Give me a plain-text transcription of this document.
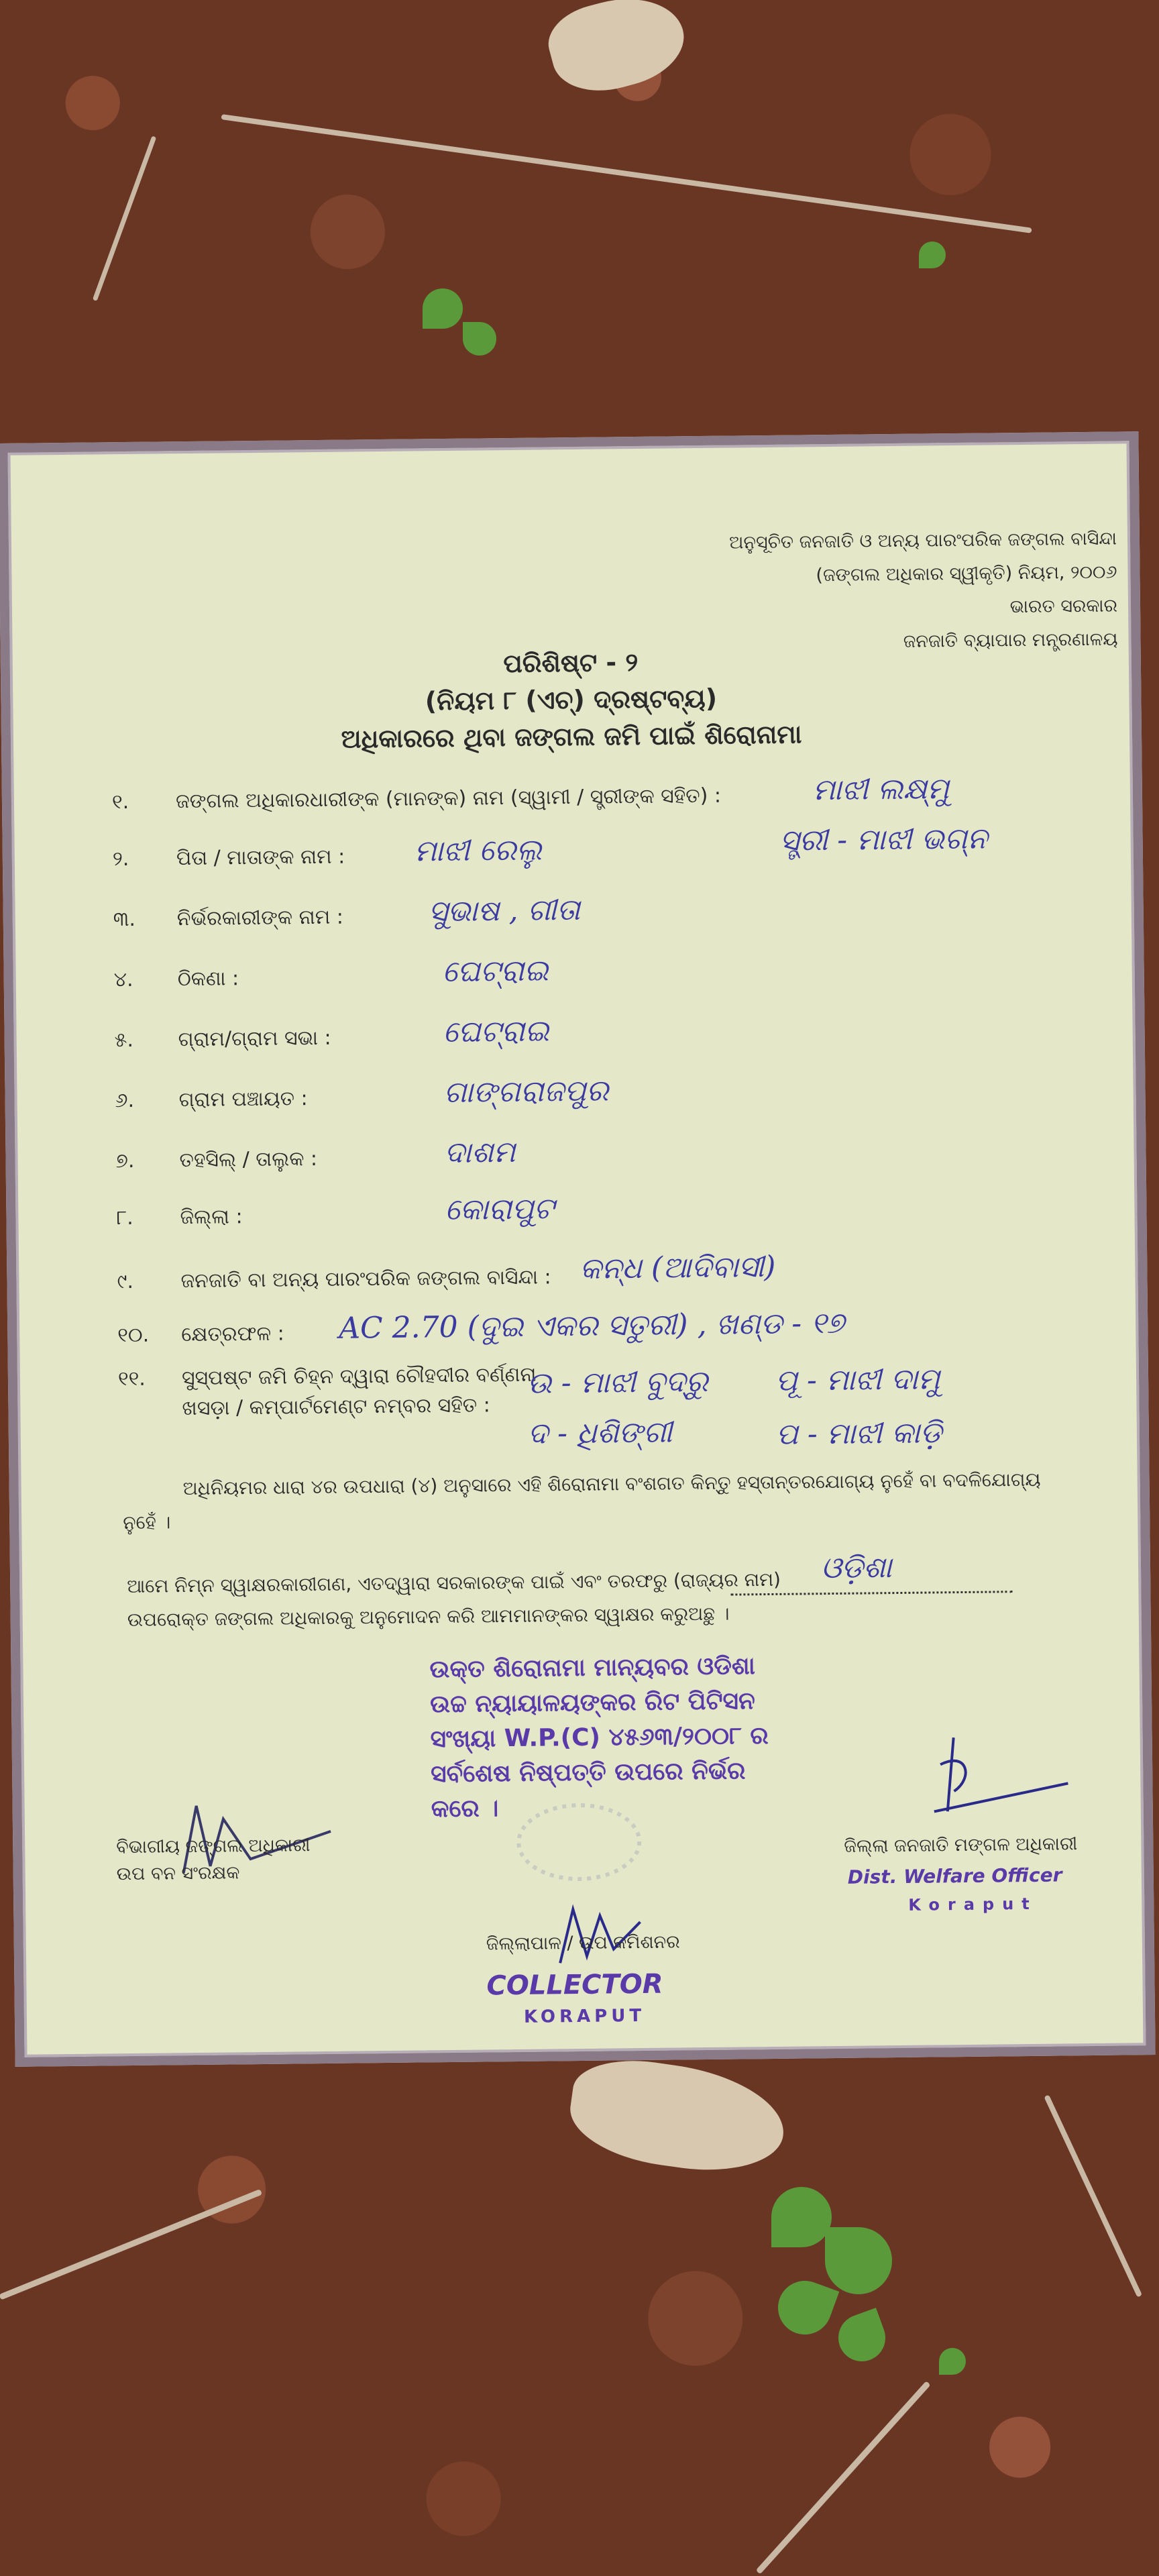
ଅନୁସୂଚିତ ଜନଜାତି ଓ ଅନ୍ୟ ପାରଂପରିକ ଜଙ୍ଗଲ ବାସିନ୍ଦା
(ଜଙ୍ଗଲ ଅଧିକାର ସ୍ୱୀକୃତି) ନିୟମ, ୨୦୦୬
ଭାରତ ସରକାର
ଜନଜାତି ବ୍ୟାପାର ମନ୍ତ୍ରଣାଳୟ
ପରିଶିଷ୍ଟ - ୨
(ନିୟମ ୮ (ଏଚ୍) ଦ୍ରଷ୍ଟବ୍ୟ)
ଅଧିକାରରେ ଥିବା ଜଙ୍ଗଲ ଜମି ପାଇଁ ଶିରୋନାମା
୧. ଜଙ୍ଗଲ ଅଧିକାରଧାରୀଙ୍କ (ମାନଙ୍କ) ନାମ (ସ୍ୱାମୀ / ସ୍ତ୍ରୀଙ୍କ ସହିତ) :	ମାଝୀ ଲକ୍ଷ୍ମୁ
୨. ପିତା / ମାତାଙ୍କ ନାମ : ମାଝୀ ରେଲୁ	ସ୍ତ୍ରୀ - ମାଝୀ ଭଗ୍ନ
୩. ନିର୍ଭରକାରୀଙ୍କ ନାମ :	ସୁଭାଷ , ଗୀତା
୪. ଠିକଣା :	ଘେଟ୍ରାଇ
୫. ଗ୍ରାମ/ଗ୍ରାମ ସଭା :	ଘେଟ୍ରାଇ
୬. ଗ୍ରାମ ପଞ୍ଚାୟତ :	ଗାଙ୍ଗରାଜପୁର
୭. ତହସିଲ୍ / ତାଲୁକ :	ଦାଶମ
୮. ଜିଲ୍ଲା :	କୋରାପୁଟ
୯. ଜନଜାତି ବା ଅନ୍ୟ ପାରଂପରିକ ଜଙ୍ଗଲ ବାସିନ୍ଦା : କନ୍ଧ (ଆଦିବାସୀ)
୧୦. କ୍ଷେତ୍ରଫଳ : AC 2.70 (ଦୁଇ ଏକର ସତୁରୀ) , ଖଣ୍ଡ - ୧୭
୧୧. ସୁସ୍ପଷ୍ଟ ଜମି ଚିହ୍ନ ଦ୍ୱାରା ଚୌହଦୀର ବର୍ଣ୍ଣନା
ଖସଡ଼ା / କମ୍ପାର୍ଟମେଣ୍ଟ ନମ୍ବର ସହିତ :
ଉ - ମାଝୀ ବୁଦ୍ରୁ ପୂ - ମାଝୀ ଦାମୁ
ଦ - ଧିଶିଙ୍ଗୀ	ପ - ମାଝୀ କାଡ଼ି
ଅଧିନିୟମର ଧାରା ୪ର ଉପଧାରା (୪) ଅନୁସାରେ ଏହି ଶିରୋନାମା ବଂଶଗତ କିନ୍ତୁ ହସ୍ତାନ୍ତରଯୋଗ୍ୟ ନୁହେଁ ବା ବଦଳିଯୋଗ୍ୟ
ନୁହେଁ ।
ଆମେ ନିମ୍ନ ସ୍ୱାକ୍ଷରକାରୀଗଣ, ଏତଦ୍ୱାରା ସରକାରଙ୍କ ପାଇଁ ଏବଂ ତରଫରୁ (ରାଜ୍ୟର ନାମ) ଓଡ଼ିଶା
ଉପରୋକ୍ତ ଜଙ୍ଗଲ ଅଧିକାରକୁ ଅନୁମୋଦନ କରି ଆମମାନଙ୍କର ସ୍ୱାକ୍ଷର କରୁଅଛୁ ।
ଉକ୍ତ ଶିରୋନାମା ମାନ୍ୟବର ଓଡିଶା
ଉଚ୍ଚ ନ୍ୟାୟାଳୟଙ୍କର ରିଟ ପିଟିସନ
ସଂଖ୍ୟା W.P.(C) ୪୫୬୩/୨୦୦୮ ର
ସର୍ବଶେଷ ନିଷ୍ପତ୍ତି ଉପରେ ନିର୍ଭର
କରେ ।
ବିଭାଗୀୟ ଜଙ୍ଗଲ ଅଧିକାରୀ
ଉପ ବନ ସଂରକ୍ଷକ
ଜିଲ୍ଲା ଜନଜାତି ମଙ୍ଗଳ ଅଧିକାରୀ
Dist. Welfare Officer
Koraput
ଜିଲ୍ଲାପାଳ / ଉପ କମିଶନର
COLLECTOR
KORAPUT
